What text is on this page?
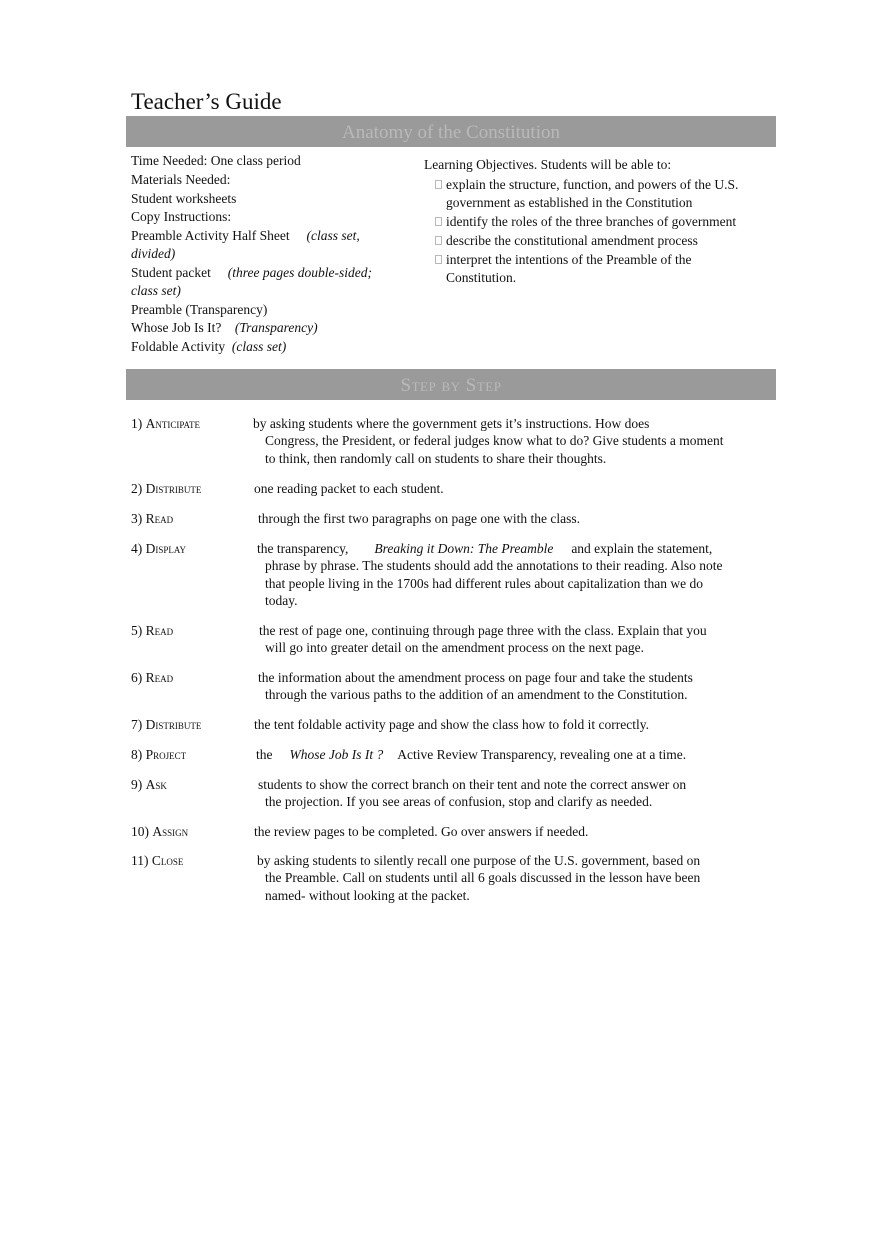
Teacher’s Guide
Anatomy of the Constitution
Time Needed: One class period
Materials Needed:
Student worksheets
Copy Instructions:
Preamble Activity Half Sheet (class set, divided)
Student packet (three pages double-sided; class set)
Preamble (Transparency)
Whose Job Is It? (Transparency)
Foldable Activity (class set)
Learning Objectives. Students will be able to:
explain the structure, function, and powers of the U.S. government as established in the Constitution
identify the roles of the three branches of government
describe the constitutional amendment process
interpret the intentions of the Preamble of the Constitution.
Step by Step
1) Anticipate	by asking students where the government gets it’s instructions. How does
Congress, the President, or federal judges know what to do? Give students a moment to think, then randomly call on students to share their thoughts.
2) Distribute	one reading packet to each student.
3) Read	through the first two paragraphs on page one with the class.
4) Display	the transparency, Breaking it Down: The Preamble and explain the statement,
phrase by phrase. The students should add the annotations to their reading. Also note that people living in the 1700s had different rules about capitalization than we do today.
5) Read	the rest of page one, continuing through page three with the class. Explain that you
will go into greater detail on the amendment process on the next page.
6) Read	the information about the amendment process on page four and take the students
through the various paths to the addition of an amendment to the Constitution.
7) Distribute	the tent foldable activity page and show the class how to fold it correctly.
8) Project	the Whose Job Is It ? Active Review Transparency, revealing one at a time.
9) Ask	students to show the correct branch on their tent and note the correct answer on
the projection. If you see areas of confusion, stop and clarify as needed.
10) Assign	the review pages to be completed. Go over answers if needed.
11) Close	by asking students to silently recall one purpose of the U.S. government, based on
the Preamble. Call on students until all 6 goals discussed in the lesson have been named- without looking at the packet.
